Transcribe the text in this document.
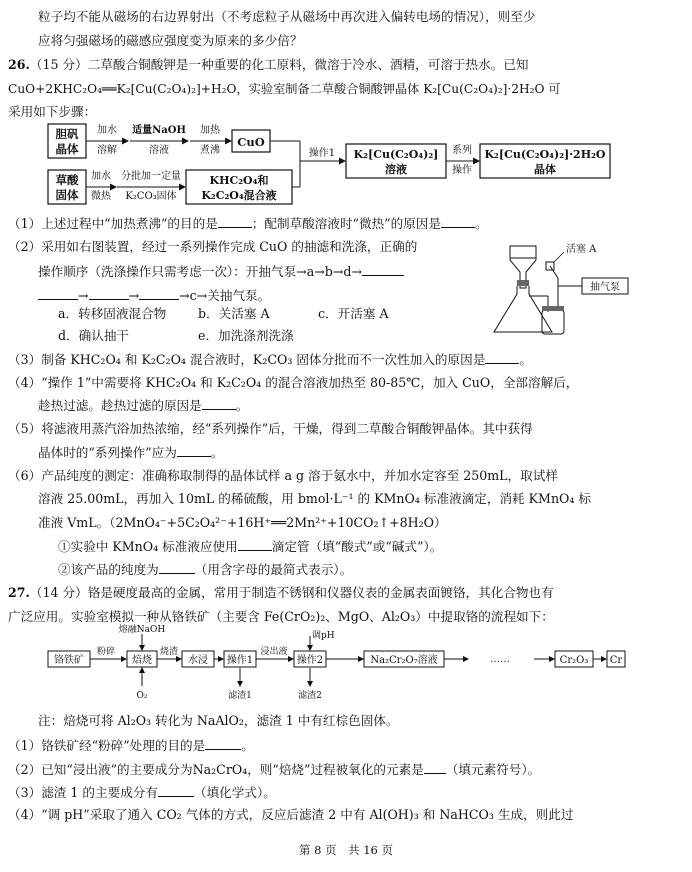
粒子均不能从磁场的右边界射出（不考虑粒子从磁场中再次进入偏转电场的情况），则至少
应将匀强磁场的磁感应强度变为原来的多少倍？
26.（15 分）二草酸合铜酸钾是一种重要的化工原料，微溶于冷水、酒精，可溶于热水。已知
CuO+2KHC₂O₄══K₂[Cu(C₂O₄)₂]+H₂O，实验室制备二草酸合铜酸钾晶体 K₂[Cu(C₂O₄)₂]·2H₂O 可
采用如下步骤：
胆矾
晶体	CuO
草酸
固体
KHC₂O₄和
K₂C₂O₄混合液
K₂[Cu(C₂O₄)₂]
溶液
K₂[Cu(C₂O₄)₂]·2H₂O
晶体
加水
溶解
适量NaOH
溶液
加热
煮沸
加水
微热
分批加一定量
K₂CO₃固体
操作1	系列
操作
（1）上述过程中“加热煮沸”的目的是	；配制草酸溶液时“微热”的原因是	。
（2）采用如右图装置，经过一系列操作完成 CuO 的抽滤和洗涤，正确的
操作顺序（洗涤操作只需考虑一次）：开抽气泵→a→b→d→
→	→	→c→关抽气泵。
a．转移固液混合物	b．关活塞 A	c．开活塞 A
d．确认抽干	e．加洗涤剂洗涤
抽气泵
活塞 A
（3）制备 KHC₂O₄ 和 K₂C₂O₄ 混合液时，K₂CO₃ 固体分批而不一次性加入的原因是	。
（4）“操作 1”中需要将 KHC₂O₄ 和 K₂C₂O₄ 的混合溶液加热至 80-85℃，加入 CuO，全部溶解后，
趁热过滤。趁热过滤的原因是	。
（5）将滤液用蒸汽浴加热浓缩，经“系列操作”后，干燥，得到二草酸合铜酸钾晶体。其中获得
晶体时的“系列操作”应为	。
（6）产品纯度的测定：准确称取制得的晶体试样 a g 溶于氨水中，并加水定容至 250mL，取试样
溶液 25.00mL，再加入 10mL 的稀硫酸，用 bmol·L⁻¹ 的 KMnO₄ 标准液滴定，消耗 KMnO₄ 标
准液 VmL。（2MnO₄⁻+5C₂O₄²⁻+16H⁺══2Mn²⁺+10CO₂↑+8H₂O）
①实验中 KMnO₄ 标准液应使用	滴定管（填“酸式”或“碱式”）。
②该产品的纯度为	（用含字母的最简式表示）。
27.（14 分）铬是硬度最高的金属，常用于制造不锈钢和仪器仪表的金属表面镀铬，其化合物也有
广泛应用。实验室模拟一种从铬铁矿（主要含 Fe(CrO₂)₂、MgO、Al₂O₃）中提取铬的流程如下：
铬铁矿
粉碎
焙烧
熔融NaOH
O₂
烧渣
水浸 操作1
滤渣1
浸出液
操作2
调pH
滤渣2
Na₂Cr₂O₇溶液	……	Cr₂O₃ Cr
注：焙烧可将 Al₂O₃ 转化为 NaAlO₂，滤渣 1 中有红棕色固体。
（1）铬铁矿经“粉碎”处理的目的是	。
（2）已知“浸出液”的主要成分为Na₂CrO₄，则“焙烧”过程被氧化的元素是 （填元素符号）。
（3）滤渣 1 的主要成分有	（填化学式）。
（4）“调 pH”采取了通入 CO₂ 气体的方式，反应后滤渣 2 中有 Al(OH)₃ 和 NaHCO₃ 生成，则此过
第 8 页　共 16 页
